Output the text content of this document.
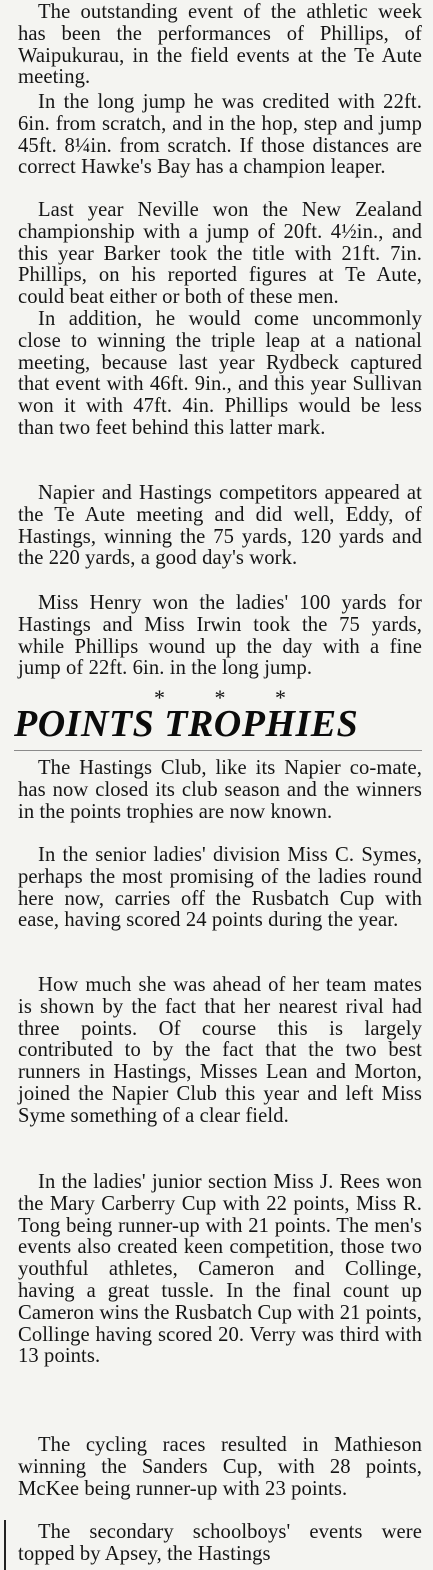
The outstanding event of the athletic week has been the performances of Phillips, of Waipukurau, in the field events at the Te Aute meeting.

In the long jump he was credited with 22ft. 6in. from scratch, and in the hop, step and jump 45ft. 8¼in. from scratch. If those distances are correct Hawke's Bay has a champion leaper.

Last year Neville won the New Zealand championship with a jump of 20ft. 4½in., and this year Barker took the title with 21ft. 7in. Phillips, on his reported figures at Te Aute, could beat either or both of these men.

In addition, he would come uncommonly close to winning the triple leap at a national meeting, because last year Rydbeck captured that event with 46ft. 9in., and this year Sullivan won it with 47ft. 4in. Phillips would be less than two feet behind this latter mark.

Napier and Hastings competitors appeared at the Te Aute meeting and did well, Eddy, of Hastings, winning the 75 yards, 120 yards and the 220 yards, a good day's work.

Miss Henry won the ladies' 100 yards for Hastings and Miss Irwin took the 75 yards, while Phillips wound up the day with a fine jump of 22ft. 6in. in the long jump.

* * *

POINTS TROPHIES

The Hastings Club, like its Napier co-mate, has now closed its club season and the winners in the points trophies are now known.

In the senior ladies' division Miss C. Symes, perhaps the most promising of the ladies round here now, carries off the Rusbatch Cup with ease, having scored 24 points during the year.

How much she was ahead of her team mates is shown by the fact that her nearest rival had three points. Of course this is largely contributed to by the fact that the two best runners in Hastings, Misses Lean and Morton, joined the Napier Club this year and left Miss Syme something of a clear field.

In the ladies' junior section Miss J. Rees won the Mary Carberry Cup with 22 points, Miss R. Tong being runner-up with 21 points. The men's events also created keen competition, those two youthful athletes, Cameron and Collinge, having a great tussle. In the final count up Cameron wins the Rusbatch Cup with 21 points, Collinge having scored 20. Verry was third with 13 points.

The cycling races resulted in Mathieson winning the Sanders Cup, with 28 points, McKee being runner-up with 23 points.

The secondary schoolboys' events were topped by Apsey, the Hastings
